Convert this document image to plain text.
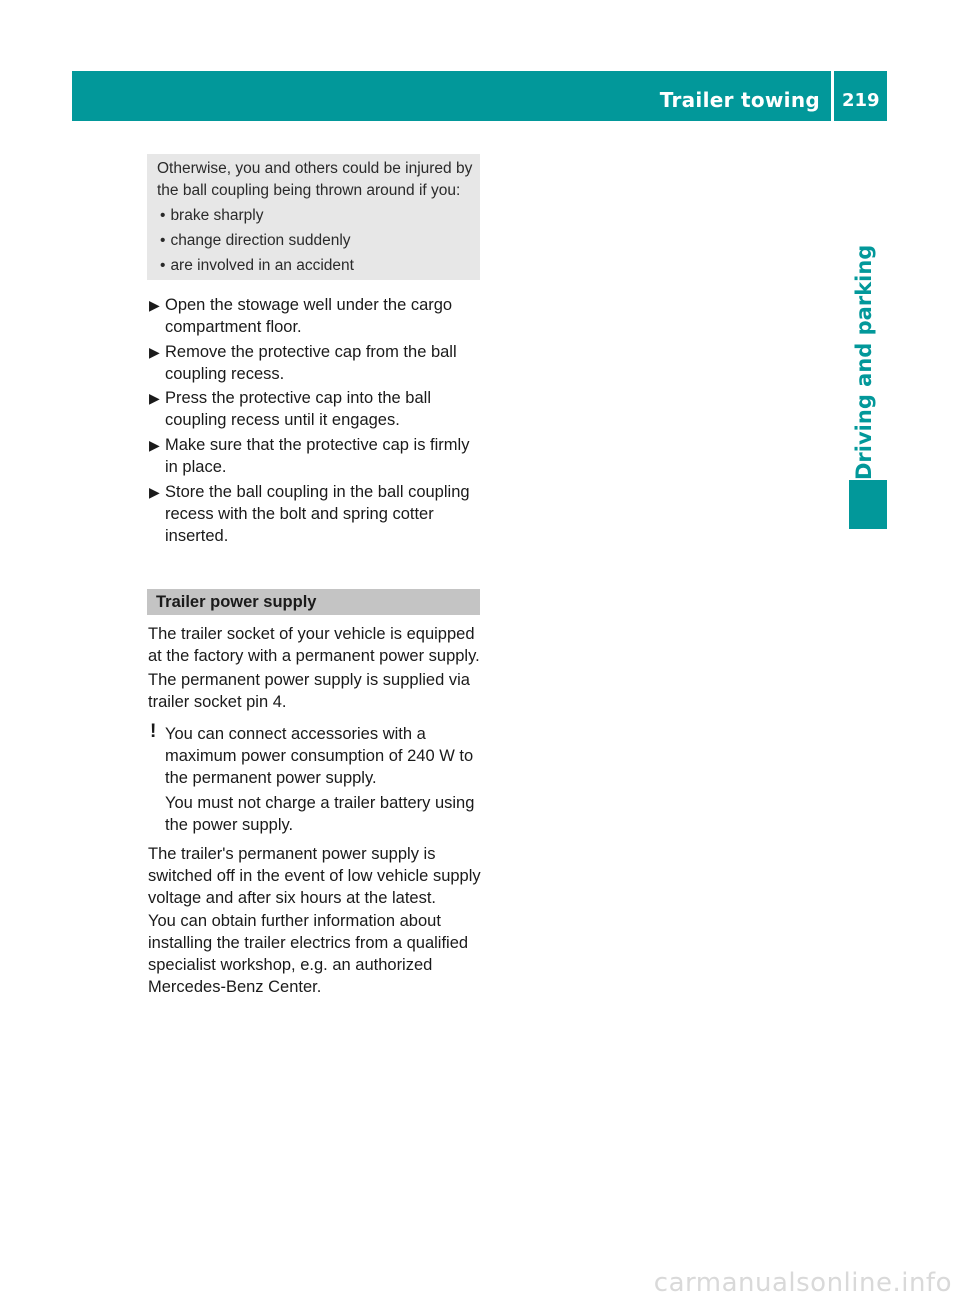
Trailer towing 219
Driving and parking

Otherwise, you and others could be injured by the ball coupling being thrown around if you:

• brake sharply
• change direction suddenly
• are involved in an accident
▶ Open the stowage well under the cargo compartment floor.
▶ Remove the protective cap from the ball coupling recess.
▶ Press the protective cap into the ball coupling recess until it engages.
▶ Make sure that the protective cap is firmly in place.
▶ Store the ball coupling in the ball coupling recess with the bolt and spring cotter inserted.
Trailer power supply

The trailer socket of your vehicle is equipped at the factory with a permanent power supply.

The permanent power supply is supplied via trailer socket pin 4.

! You can connect accessories with a maximum power consumption of 240 W to the permanent power supply.

You must not charge a trailer battery using the power supply.

The trailer's permanent power supply is switched off in the event of low vehicle supply voltage and after six hours at the latest.

You can obtain further information about installing the trailer electrics from a qualified specialist workshop, e.g. an authorized Mercedes-Benz Center.

carmanualsonline.info
